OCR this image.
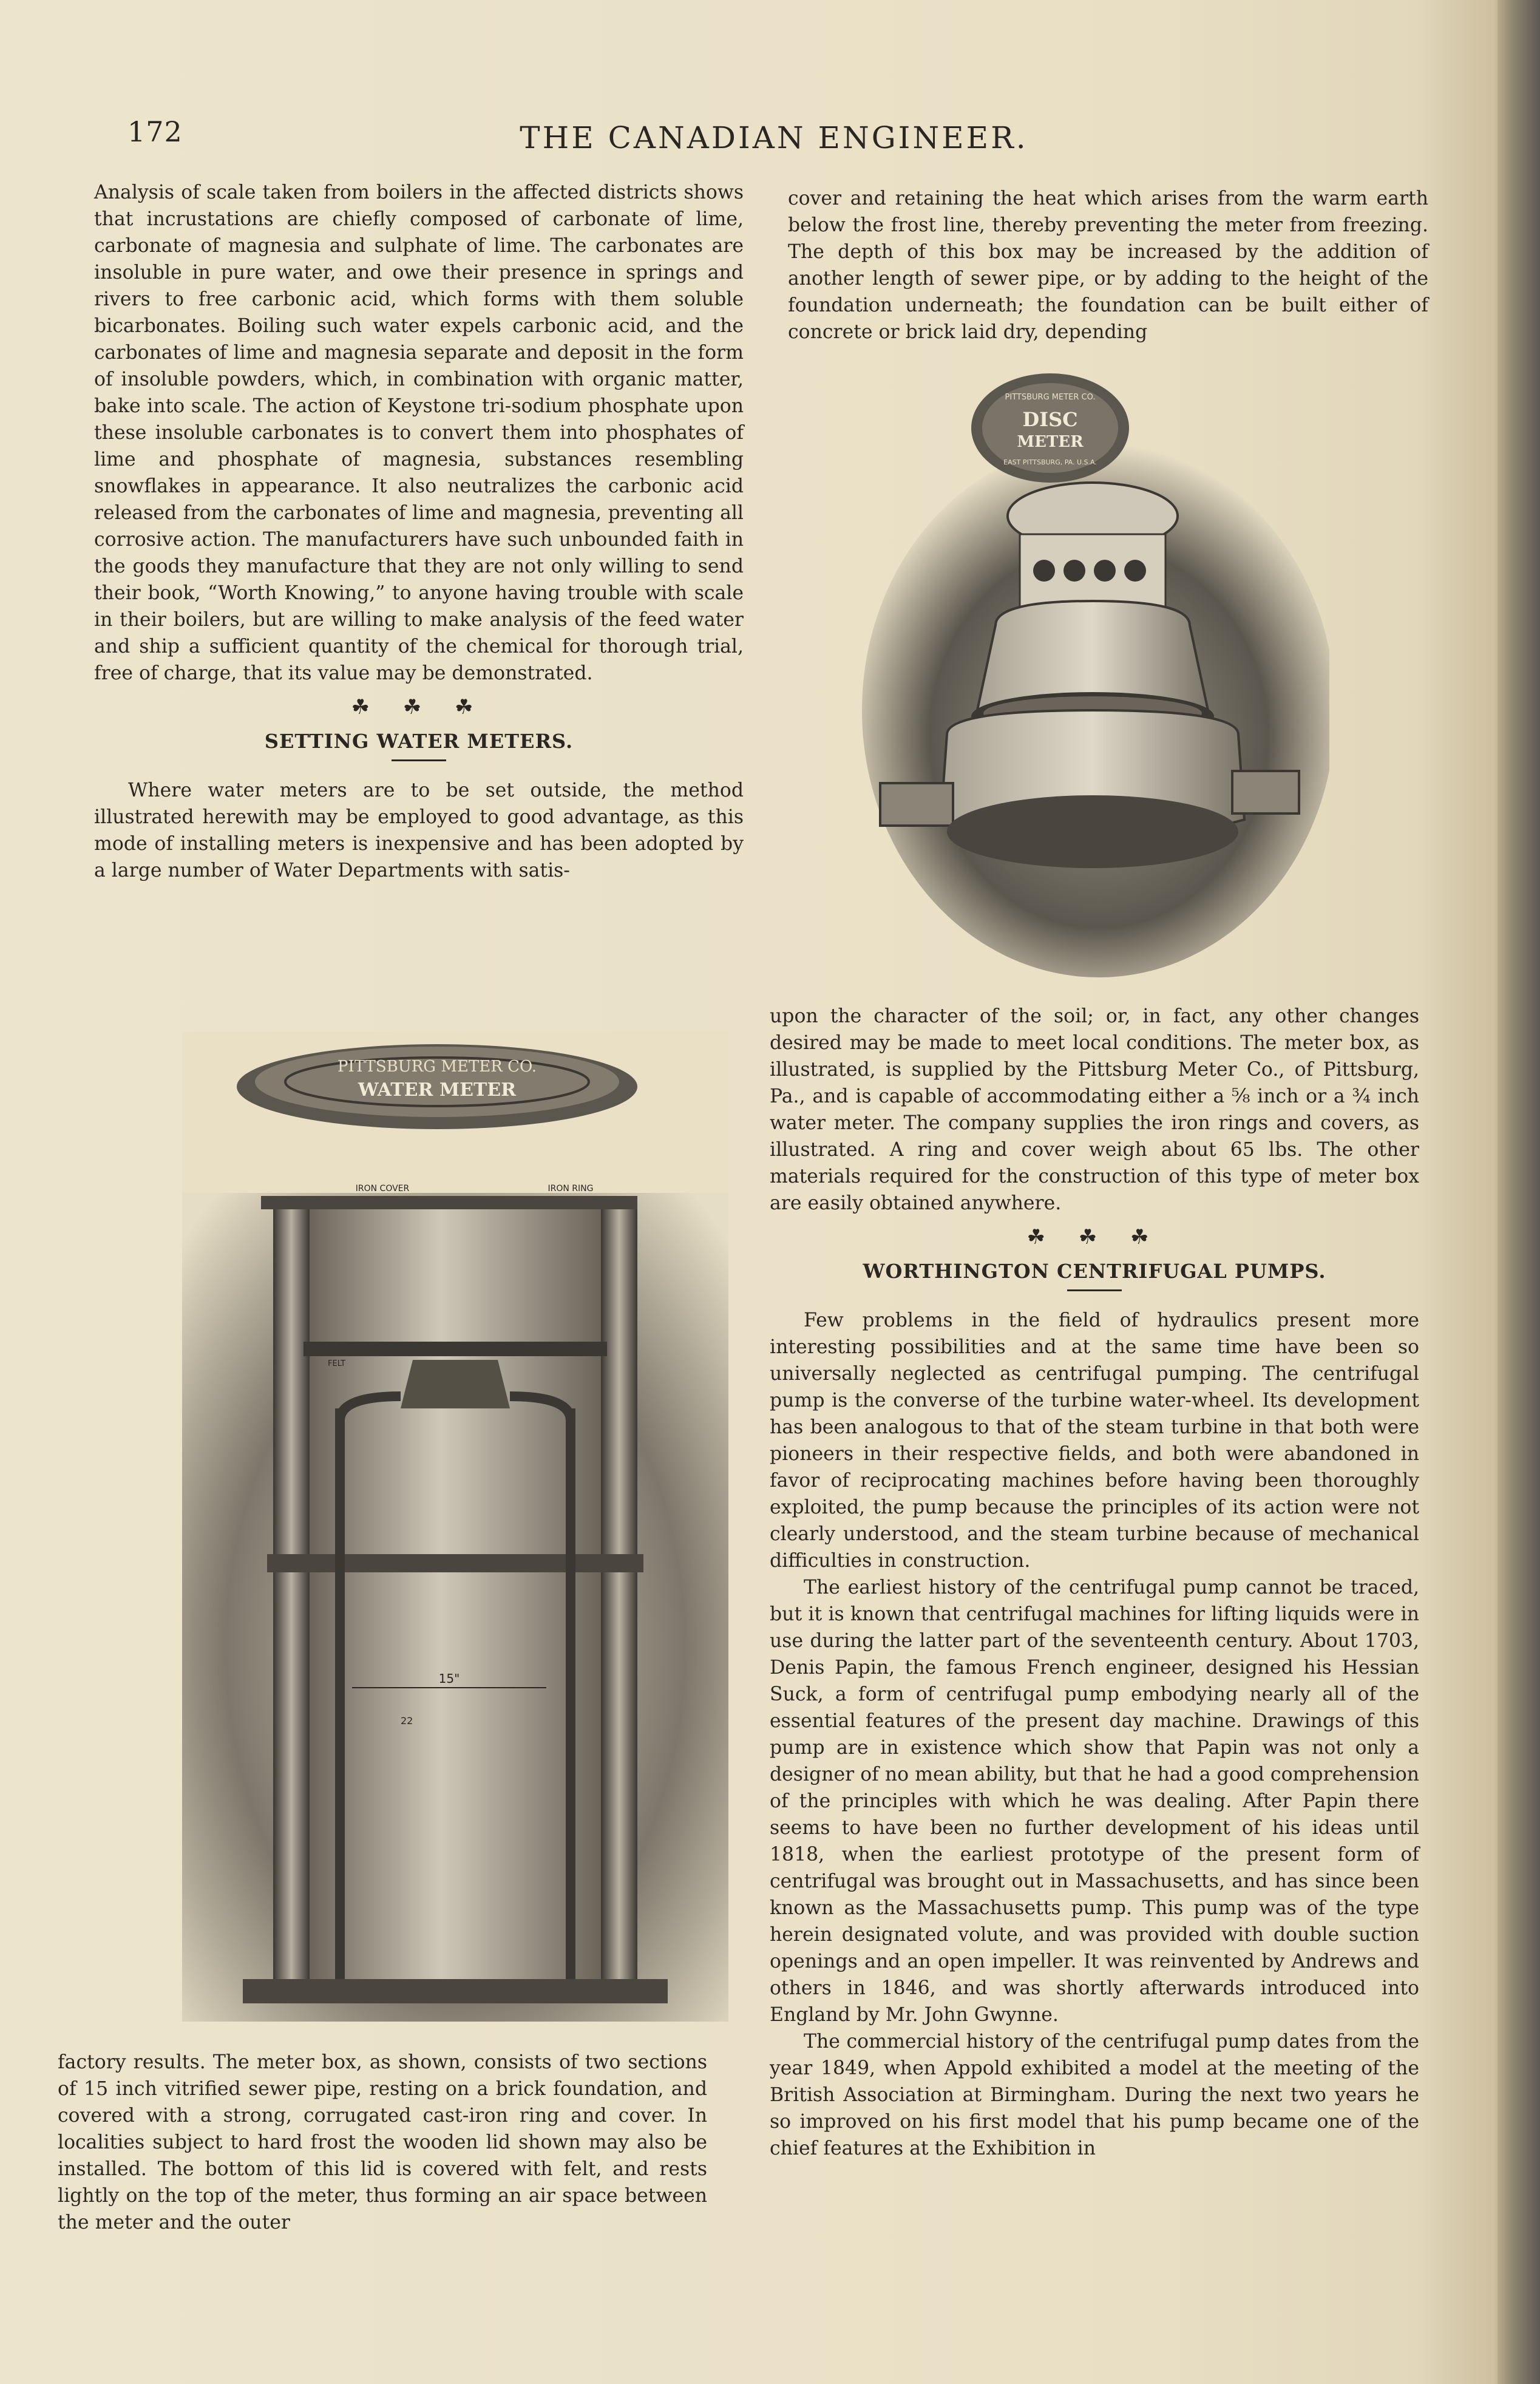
172	THE CANADIAN ENGINEER.

Analysis of scale taken from boilers in the affected districts shows that incrustations are chiefly composed of carbonate of lime, carbonate of magnesia and sulphate of lime. The carbonates are insoluble in pure water, and owe their presence in springs and rivers to free carbonic acid, which forms with them soluble bicarbonates. Boiling such water expels carbonic acid, and the carbonates of lime and magnesia separate and deposit in the form of insoluble powders, which, in combination with organic matter, bake into scale. The action of Keystone tri-sodium phosphate upon these insoluble carbonates is to convert them into phosphates of lime and phosphate of magnesia, substances resembling snowflakes in appearance. It also neutralizes the carbonic acid released from the carbonates of lime and magnesia, preventing all corrosive action. The manufacturers have such unbounded faith in the goods they manufacture that they are not only willing to send their book, “Worth Knowing,” to anyone having trouble with scale in their boilers, but are willing to make analysis of the feed water and ship a sufficient quantity of the chemical for thorough trial, free of charge, that its value may be demonstrated.

☘ ☘ ☘
SETTING WATER METERS.

Where water meters are to be set outside, the method illustrated herewith may be employed to good advantage, as this mode of installing meters is inexpensive and has been adopted by a large number of Water Departments with satis-

PITTSBURG METER CO.
WATER METER
IRON COVER	IRON RING
FELT
15"
22

factory results. The meter box, as shown, consists of two sections of 15 inch vitrified sewer pipe, resting on a brick foundation, and covered with a strong, corrugated cast-iron ring and cover. In localities subject to hard frost the wooden lid shown may also be installed. The bottom of this lid is covered with felt, and rests lightly on the top of the meter, thus forming an air space between the meter and the outer

cover and retaining the heat which arises from the warm earth below the frost line, thereby preventing the meter from freezing. The depth of this box may be increased by the addition of another length of sewer pipe, or by adding to the height of the foundation underneath; the foundation can be built either of concrete or brick laid dry, depending

PITTSBURG METER CO.
DISC
METER
EAST PITTSBURG, PA. U.S.A.

upon the character of the soil; or, in fact, any other changes desired may be made to meet local conditions. The meter box, as illustrated, is supplied by the Pittsburg Meter Co., of Pittsburg, Pa., and is capable of accommodating either a ⅝ inch or a ¾ inch water meter. The company supplies the iron rings and covers, as illustrated. A ring and cover weigh about 65 lbs. The other materials required for the construction of this type of meter box are easily obtained anywhere.

☘ ☘ ☘
WORTHINGTON CENTRIFUGAL PUMPS.

Few problems in the field of hydraulics present more interesting possibilities and at the same time have been so universally neglected as centrifugal pumping. The centrifugal pump is the converse of the turbine water-wheel. Its development has been analogous to that of the steam turbine in that both were pioneers in their respective fields, and both were abandoned in favor of reciprocating machines before having been thoroughly exploited, the pump because the principles of its action were not clearly understood, and the steam turbine because of mechanical difficulties in construction.

The earliest history of the centrifugal pump cannot be traced, but it is known that centrifugal machines for lifting liquids were in use during the latter part of the seventeenth century. About 1703, Denis Papin, the famous French engineer, designed his Hessian Suck, a form of centrifugal pump embodying nearly all of the essential features of the present day machine. Drawings of this pump are in existence which show that Papin was not only a designer of no mean ability, but that he had a good comprehension of the principles with which he was dealing. After Papin there seems to have been no further development of his ideas until 1818, when the earliest prototype of the present form of centrifugal was brought out in Massachusetts, and has since been known as the Massachusetts pump. This pump was of the type herein designated volute, and was provided with double suction openings and an open impeller. It was reinvented by Andrews and others in 1846, and was shortly afterwards introduced into England by Mr. John Gwynne.

The commercial history of the centrifugal pump dates from the year 1849, when Appold exhibited a model at the meeting of the British Association at Birmingham. During the next two years he so improved on his first model that his pump became one of the chief features at the Exhibition in
